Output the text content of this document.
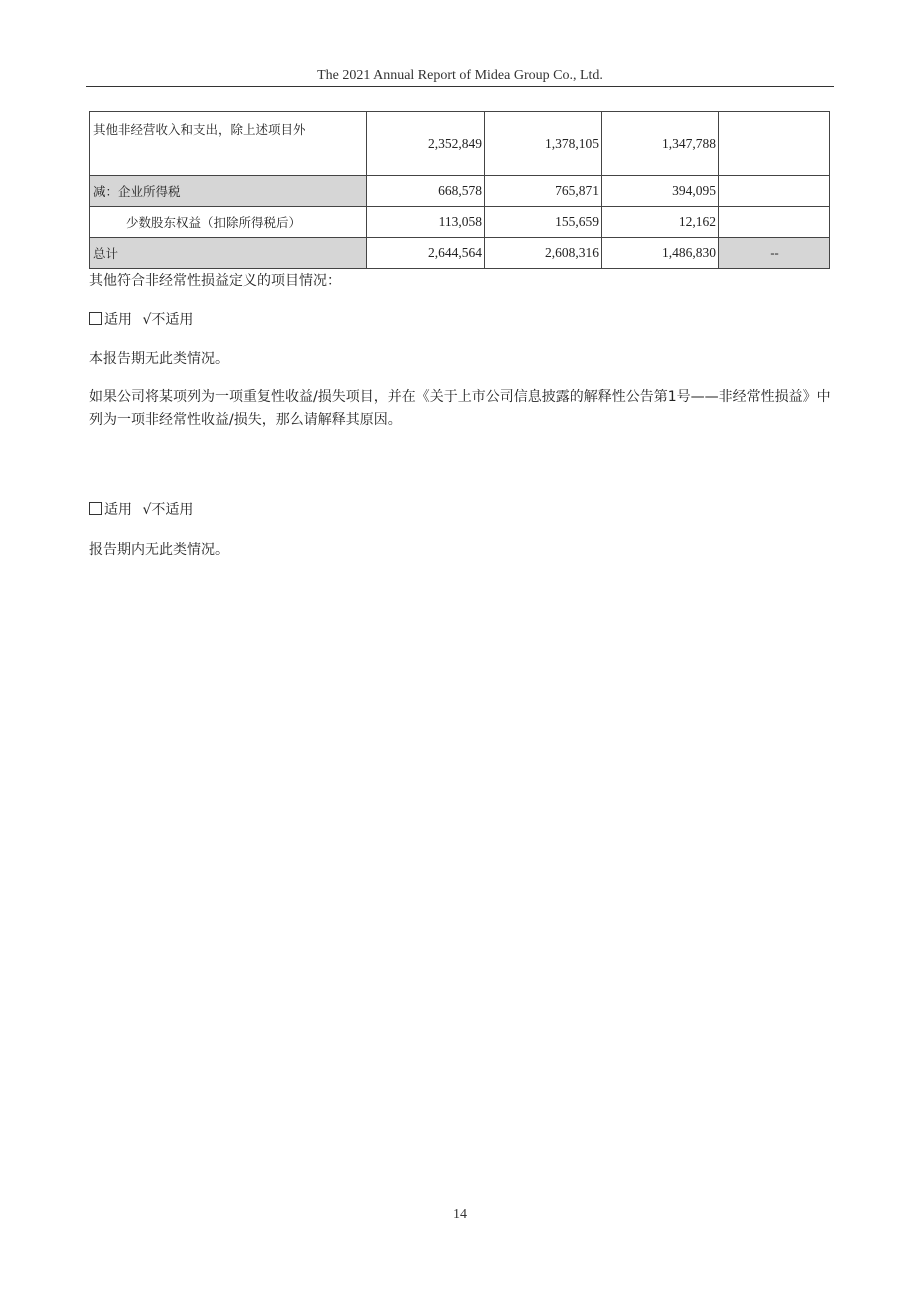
The 2021 Annual Report of Midea Group Co., Ltd.
其他非经营收入和支出，除上述项目外	2,352,849	1,378,105	1,347,788	
减：企业所得税	668,578	765,871	394,095	
少数股东权益（扣除所得税后）	113,058	155,659	12,162	
总计	2,644,564	2,608,316	1,486,830	--
其他符合非经常性损益定义的项目情况：
适用 √不适用
本报告期无此类情况。
如果公司将某项列为一项重复性收益/损失项目，并在《关于上市公司信息披露的解释性公告第1号——非经常性损益》中列为一项非经常性收益/损失，那么请解释其原因。
适用 √不适用
报告期内无此类情况。
14
